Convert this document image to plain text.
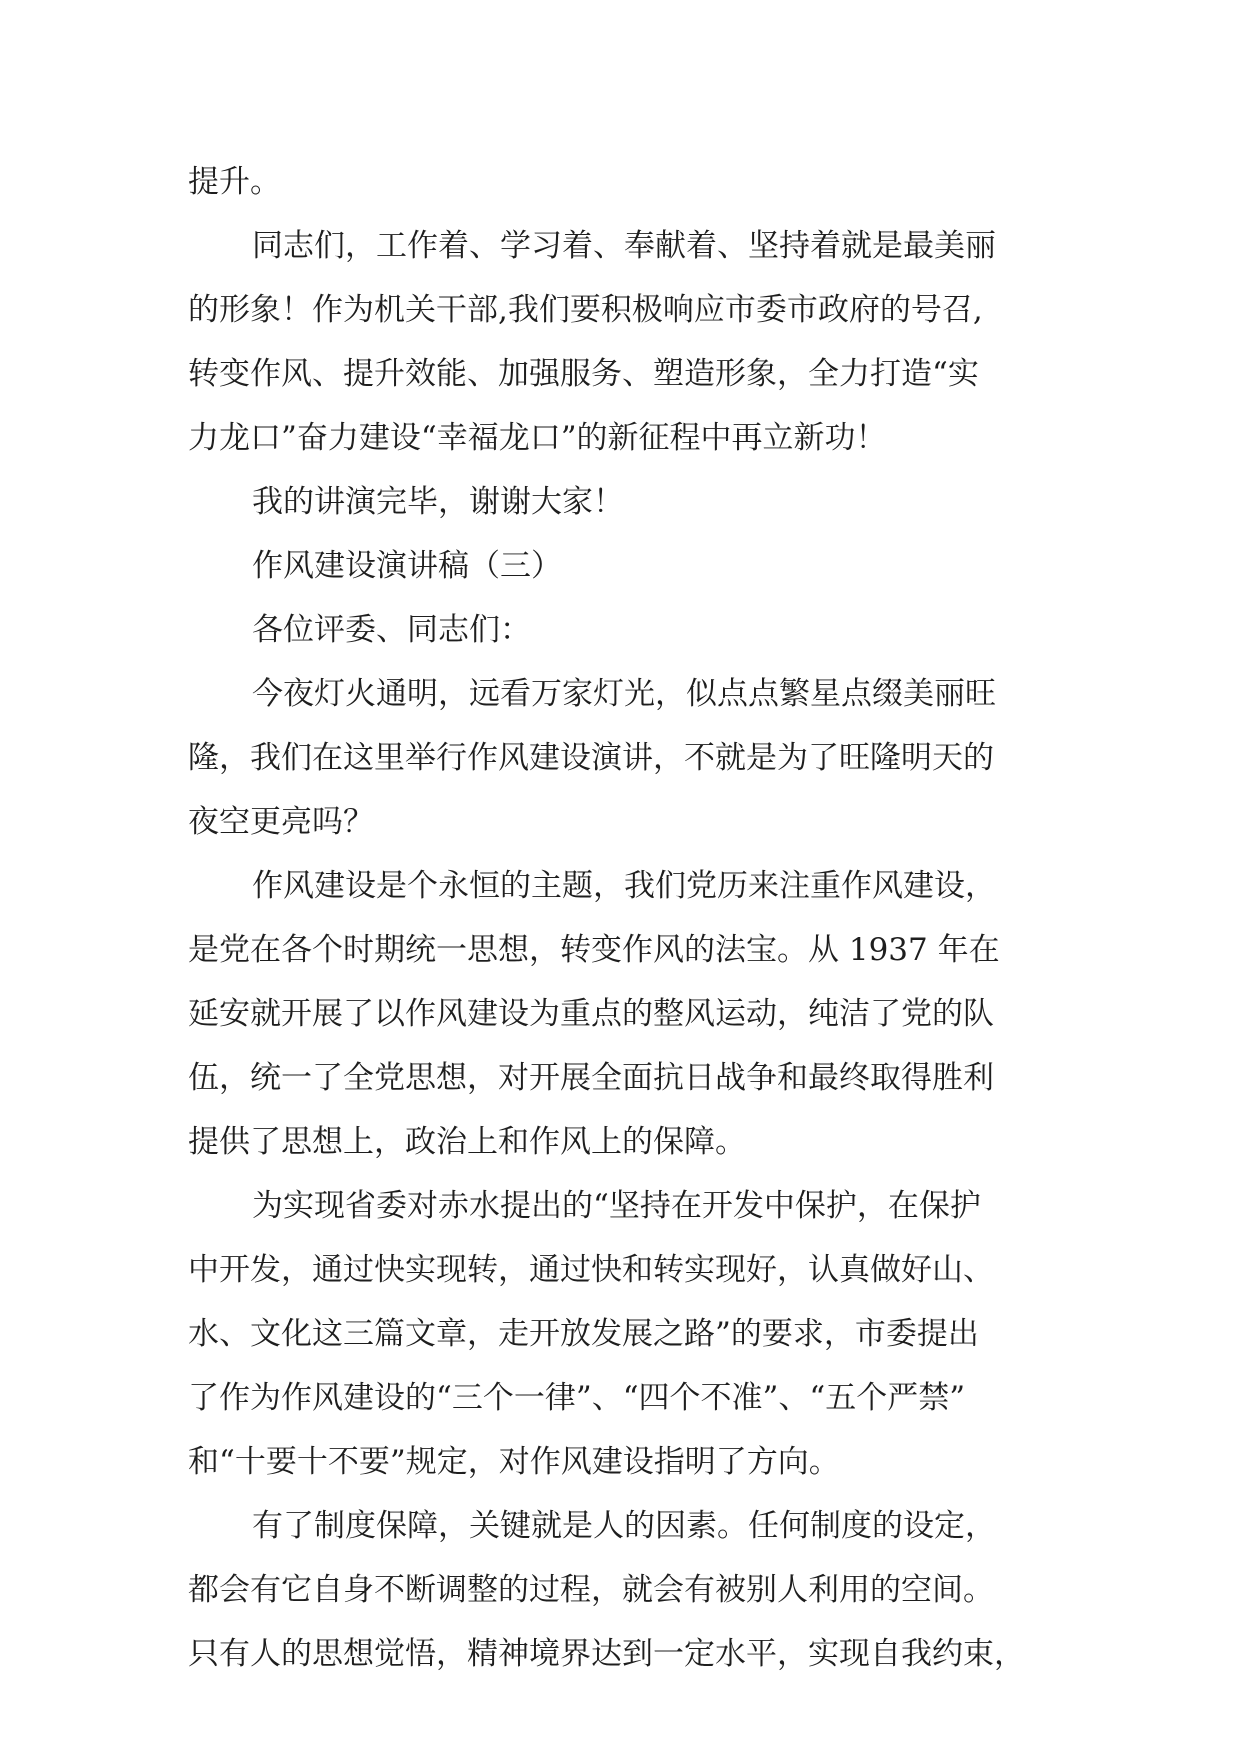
提升。

同志们，工作着、学习着、奉献着、坚持着就是最美丽

的形象！作为机关干部,我们要积极响应市委市政府的号召,

转变作风、提升效能、加强服务、塑造形象，全力打造“实

力龙口”奋力建设“幸福龙口”的新征程中再立新功！

我的讲演完毕，谢谢大家！

作风建设演讲稿（三）

各位评委、同志们：

今夜灯火通明，远看万家灯光，似点点繁星点缀美丽旺

隆，我们在这里举行作风建设演讲，不就是为了旺隆明天的

夜空更亮吗？

作风建设是个永恒的主题，我们党历来注重作风建设，

是党在各个时期统一思想，转变作风的法宝。从 1937 年在

延安就开展了以作风建设为重点的整风运动，纯洁了党的队

伍，统一了全党思想，对开展全面抗日战争和最终取得胜利

提供了思想上，政治上和作风上的保障。

为实现省委对赤水提出的“坚持在开发中保护，在保护

中开发，通过快实现转，通过快和转实现好，认真做好山、

水、文化这三篇文章，走开放发展之路”的要求，市委提出

了作为作风建设的“三个一律”、“四个不准”、“五个严禁”

和“十要十不要”规定，对作风建设指明了方向。

有了制度保障，关键就是人的因素。任何制度的设定，

都会有它自身不断调整的过程，就会有被别人利用的空间。

只有人的思想觉悟，精神境界达到一定水平，实现自我约束，
